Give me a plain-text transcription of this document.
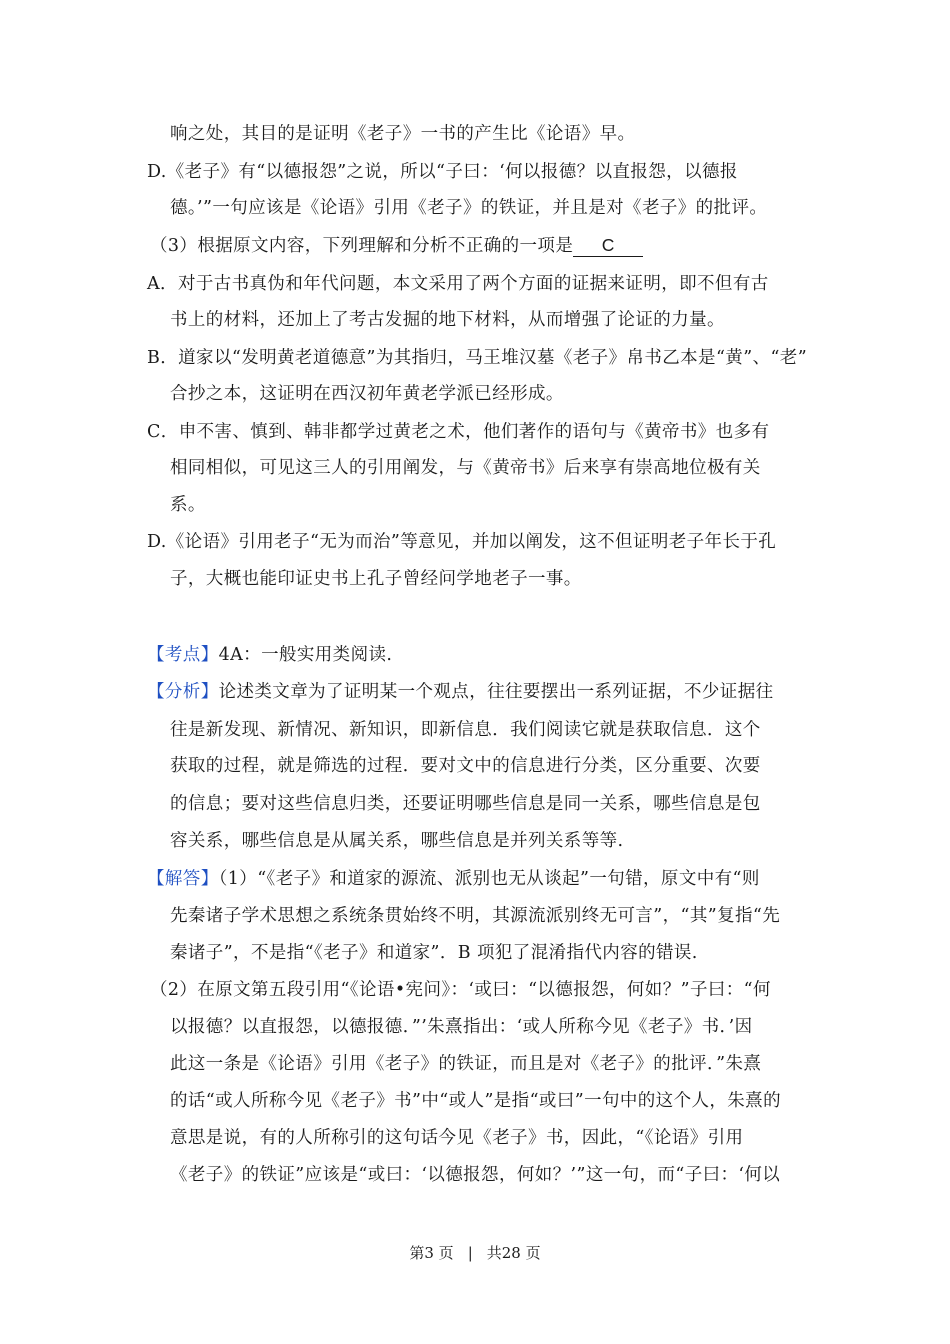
响之处，其目的是证明《老子》一书的产生比《论语》早。
D.《老子》有“以德报怨”之说，所以“子曰：‘何以报德？以直报怨，以德报
德。’”一句应该是《论语》引用《老子》的铁证，并且是对《老子》的批评。
（3）根据原文内容，下列理解和分析不正确的一项是 C
A．对于古书真伪和年代问题，本文采用了两个方面的证据来证明，即不但有古
书上的材料，还加上了考古发掘的地下材料，从而增强了论证的力量。
B．道家以“发明黄老道德意”为其指归，马王堆汉墓《老子》帛书乙本是“黄”、“老”
合抄之本，这证明在西汉初年黄老学派已经形成。
C．申不害、慎到、韩非都学过黄老之术，他们著作的语句与《黄帝书》也多有
相同相似，可见这三人的引用阐发，与《黄帝书》后来享有崇高地位极有关
系。
D.《论语》引用老子“无为而治”等意见，并加以阐发，这不但证明老子年长于孔
子，大概也能印证史书上孔子曾经问学地老子一事。
【考点】4A：一般实用类阅读.
【分析】论述类文章为了证明某一个观点，往往要摆出一系列证据，不少证据往
往是新发现、新情况、新知识，即新信息．我们阅读它就是获取信息．这个
获取的过程，就是筛选的过程．要对文中的信息进行分类，区分重要、次要
的信息；要对这些信息归类，还要证明哪些信息是同一关系，哪些信息是包
容关系，哪些信息是从属关系，哪些信息是并列关系等等.
【解答】（1）“《老子》和道家的源流、派别也无从谈起”一句错，原文中有“则
先秦诸子学术思想之系统条贯始终不明，其源流派别终无可言”，“其”复指“先
秦诸子”，不是指“《老子》和道家”．B 项犯了混淆指代内容的错误.
（2）在原文第五段引用“《论语•宪问》：‘或曰：“以德报怨，何如？”子曰：“何
以报德？以直报怨，以德报德．”’朱熹指出：‘或人所称今见《老子》书．’因
此这一条是《论语》引用《老子》的铁证，而且是对《老子》的批评．”朱熹
的话“或人所称今见《老子》书”中“或人”是指“或曰”一句中的这个人，朱熹的
意思是说，有的人所称引的这句话今见《老子》书，因此，“《论语》引用
《老子》的铁证”应该是“或曰：‘以德报怨，何如？’”这一句，而“子曰：‘何以
第3 页 | 共28 页
